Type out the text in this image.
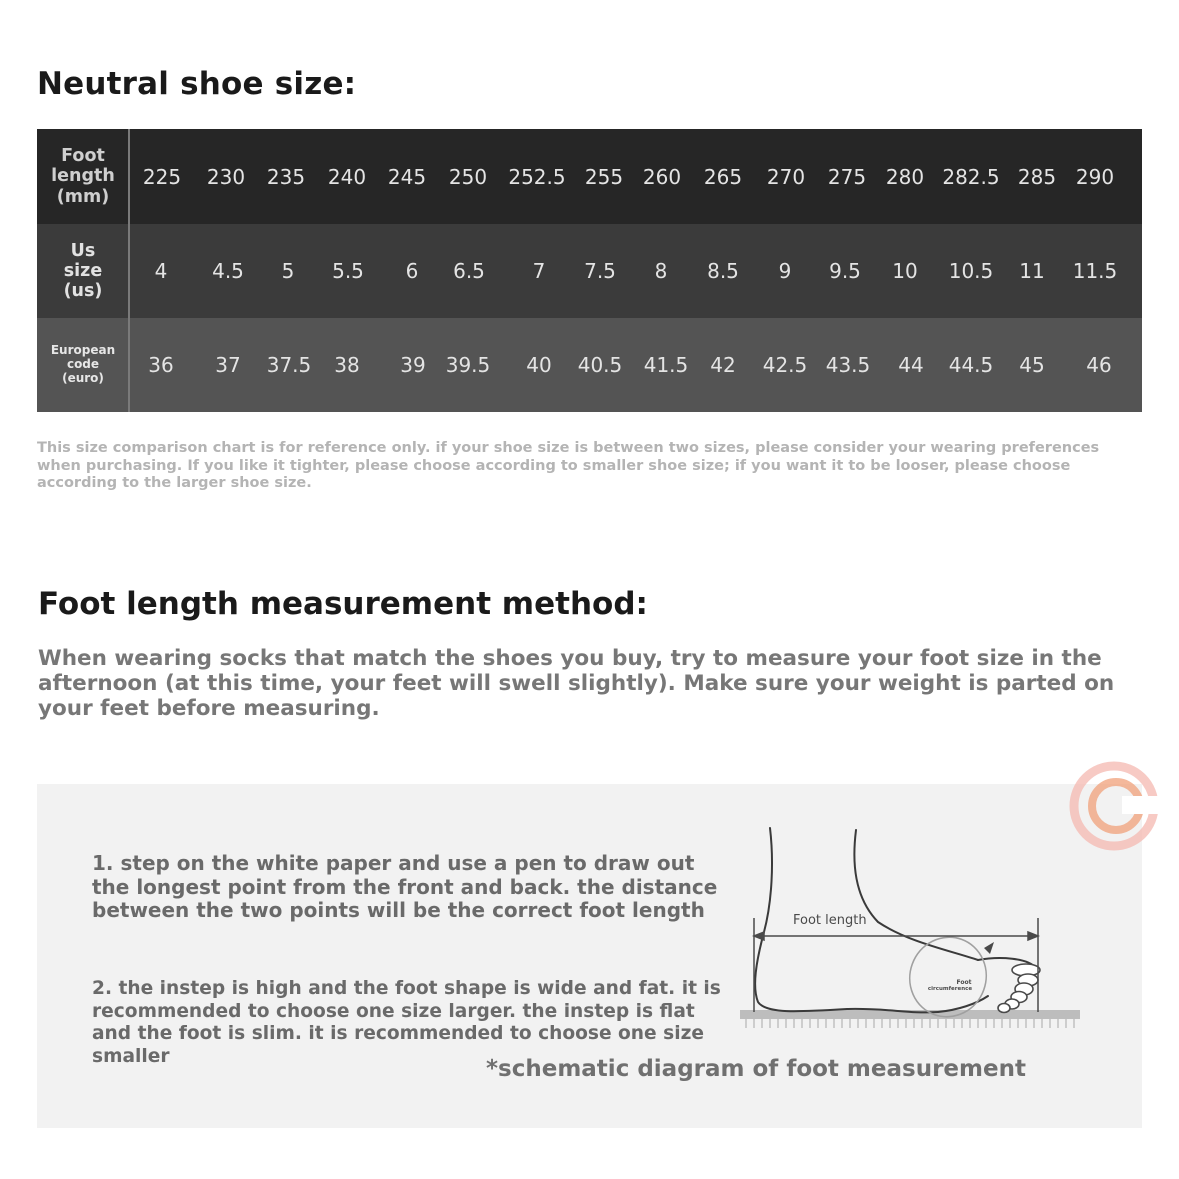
Neutral shoe size:
Foot
length
(mm)
225	230	235	240	245	250	252.5 255 260	265	270	275 280 282.5 285 290
Us
size
(us)
4	4.5	5	5.5	6	6.5	7	7.5	8	8.5	9	9.5	10	10.5	11	11.5
European
code
(euro)
36	37	37.5	38	39	39.5	40	40.5	41.5	42	42.5 43.5	44	44.5	45	46
This size comparison chart is for reference only. if your shoe size is between two sizes, please consider your wearing preferences when purchasing. If you like it tighter, please choose according to smaller shoe size; if you want it to be looser, please choose according to the larger shoe size.
Foot length measurement method:
When wearing socks that match the shoes you buy, try to measure your foot size in the afternoon (at this time, your feet will swell slightly). Make sure your weight is parted on your feet before measuring.
1. step on the white paper and use a pen to draw out the longest point from the front and back. the distance between the two points will be the correct foot length
2. the instep is high and the foot shape is wide and fat. it is recommended to choose one size larger. the instep is flat and the foot is slim. it is recommended to choose one size smaller
Foot length
Foot
circumference
*schematic diagram of foot measurement
